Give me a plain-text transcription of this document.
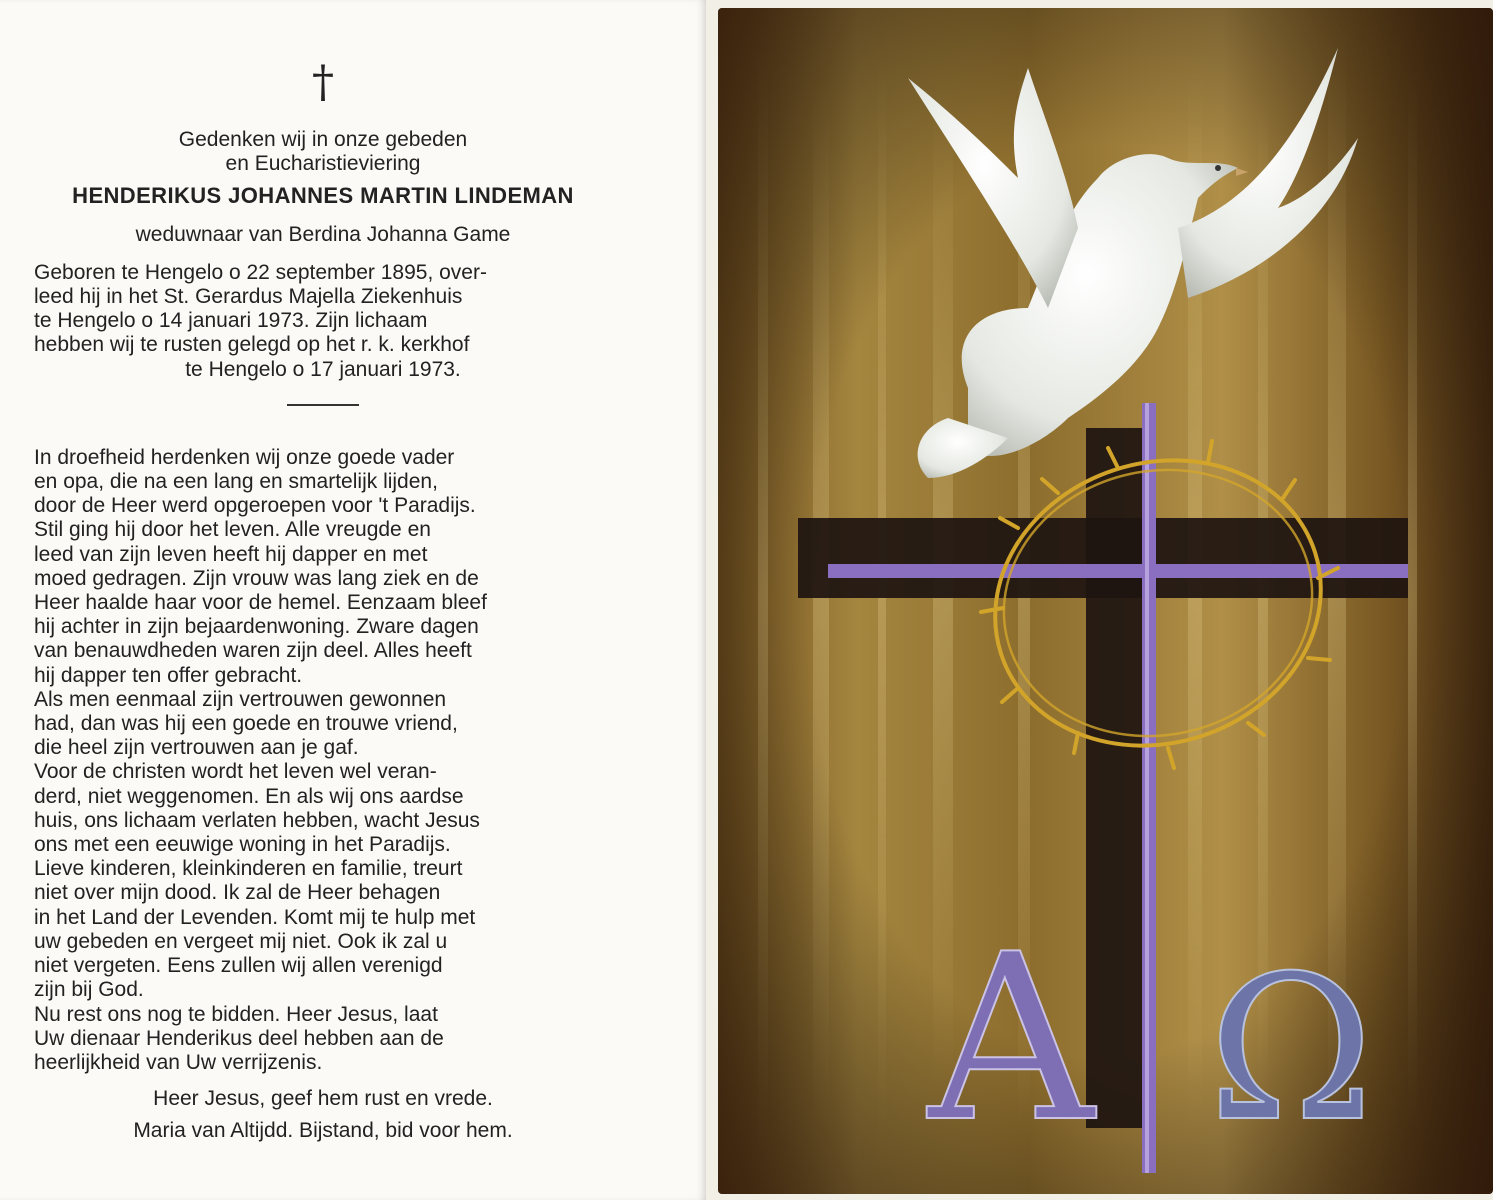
†
Gedenken wij in onze gebeden
en Eucharistieviering
HENDERIKUS JOHANNES MARTIN LINDEMAN
weduwnaar van Berdina Johanna Game
Geboren te Hengelo o 22 september 1895, over-
leed hij in het St. Gerardus Majella Ziekenhuis
te Hengelo o 14 januari 1973. Zijn lichaam
hebben wij te rusten gelegd op het r. k. kerkhof
te Hengelo o 17 januari 1973.
In droefheid herdenken wij onze goede vader
en opa, die na een lang en smartelijk lijden,
door de Heer werd opgeroepen voor 't Paradijs.
Stil ging hij door het leven. Alle vreugde en
leed van zijn leven heeft hij dapper en met
moed gedragen. Zijn vrouw was lang ziek en de
Heer haalde haar voor de hemel. Eenzaam bleef
hij achter in zijn bejaardenwoning. Zware dagen
van benauwdheden waren zijn deel. Alles heeft
hij dapper ten offer gebracht.
Als men eenmaal zijn vertrouwen gewonnen
had, dan was hij een goede en trouwe vriend,
die heel zijn vertrouwen aan je gaf.
Voor de christen wordt het leven wel veran-
derd, niet weggenomen. En als wij ons aardse
huis, ons lichaam verlaten hebben, wacht Jesus
ons met een eeuwige woning in het Paradijs.
Lieve kinderen, kleinkinderen en familie, treurt
niet over mijn dood. Ik zal de Heer behagen
in het Land der Levenden. Komt mij te hulp met
uw gebeden en vergeet mij niet. Ook ik zal u
niet vergeten. Eens zullen wij allen verenigd
zijn bij God.
Nu rest ons nog te bidden. Heer Jesus, laat
Uw dienaar Henderikus deel hebben aan de
heerlijkheid van Uw verrijzenis.
Heer Jesus, geef hem rust en vrede.
Maria van Altijdd. Bijstand, bid voor hem.	A Ω
